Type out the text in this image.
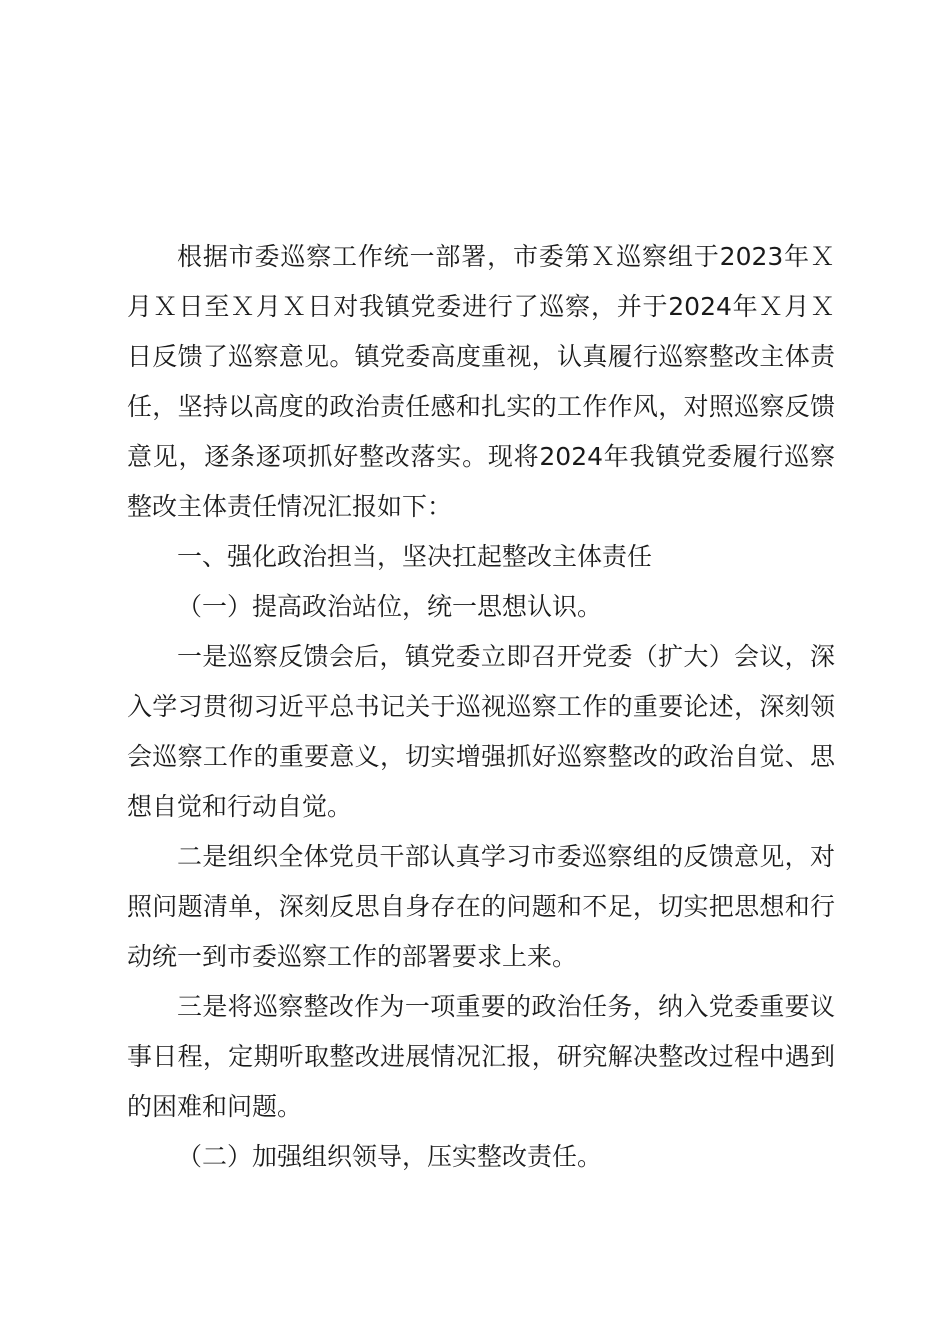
根据市委巡察工作统一部署，市委第Ｘ巡察组于2023年Ｘ月Ｘ日至Ｘ月Ｘ日对我镇党委进行了巡察，并于2024年Ｘ月Ｘ日反馈了巡察意见。镇党委高度重视，认真履行巡察整改主体责任，坚持以高度的政治责任感和扎实的工作作风，对照巡察反馈意见，逐条逐项抓好整改落实。现将2024年我镇党委履行巡察整改主体责任情况汇报如下：

一、强化政治担当，坚决扛起整改主体责任

（一）提高政治站位，统一思想认识。

一是巡察反馈会后，镇党委立即召开党委（扩大）会议，深入学习贯彻习近平总书记关于巡视巡察工作的重要论述，深刻领会巡察工作的重要意义，切实增强抓好巡察整改的政治自觉、思想自觉和行动自觉。

二是组织全体党员干部认真学习市委巡察组的反馈意见，对照问题清单，深刻反思自身存在的问题和不足，切实把思想和行动统一到市委巡察工作的部署要求上来。

三是将巡察整改作为一项重要的政治任务，纳入党委重要议事日程，定期听取整改进展情况汇报，研究解决整改过程中遇到的困难和问题。

（二）加强组织领导，压实整改责任。
